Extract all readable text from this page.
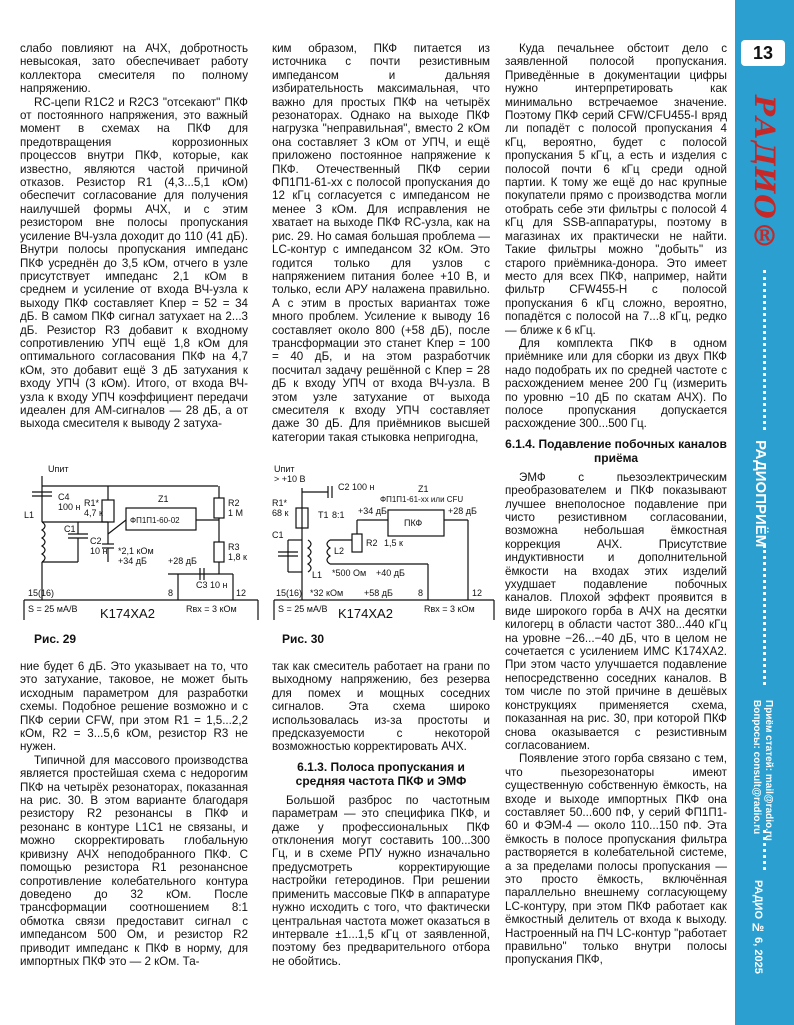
13
РАДИО®
РАДИОПРИЁМ
Приём статей: mail@radio.ru
Вопросы: consult@radio.ru
РАДИО № 6, 2025

слабо повлияют на АЧХ, добротность невысокая, зато обеспечивает работу коллектора смесителя по полному напряжению.

RC-цепи R1C2 и R2C3 "отсекают" ПКФ от постоянного напряжения, это важный момент в схемах на ПКФ для предотвращения коррозионных процессов внутри ПКФ, которые, как известно, являются частой причиной отказов. Резистор R1 (4,3...5,1 кОм) обеспечит согласование для получения наилучшей формы АЧХ, и с этим резистором вне полосы пропускания усиление ВЧ-узла доходит до 110 (41 дБ). Внутри полосы пропускания импеданс ПКФ усреднён до 3,5 кОм, отчего в узле присутствует импеданс 2,1 кОм в среднем и усиление от входа ВЧ-узла к выходу ПКФ составляет Kпер = 52 = 34 дБ. В самом ПКФ сигнал затухает на 2...3 дБ. Резистор R3 добавит к входному сопротивлению УПЧ ещё 1,8 кОм для оптимального согласования ПКФ на 4,7 кОм, это добавит ещё 3 дБ затухания к входу УПЧ (3 кОм). Итого, от входа ВЧ-узла к входу УПЧ коэффициент передачи идеален для AM-сигналов — 28 дБ, а от выхода смесителя к выводу 2 затуха-

ким образом, ПКФ питается из источника с почти резистивным импедансом и дальняя избирательность максимальная, что важно для простых ПКФ на четырёх резонаторах. Однако на выходе ПКФ нагрузка "неправильная", вместо 2 кОм она составляет 3 кОм от УПЧ, и ещё приложено постоянное напряжение к ПКФ. Отечественный ПКФ серии ФП1П1-61-хх с полосой пропускания до 12 кГц согласуется с импедансом не менее 3 кОм. Для исправления не хватает на выходе ПКФ RC-узла, как на рис. 29. Но самая большая проблема — LC-контур с импедансом 32 кОм. Это годится только для узлов с напряжением питания более +10 В, и только, если АРУ налажена правильно. А с этим в простых вариантах тоже много проблем. Усиление к выводу 16 составляет около 800 (+58 дБ), после трансформации это станет Kпер = 100 = 40 дБ, и на этом разработчик посчитал задачу решённой с Kпер = 28 дБ к входу УПЧ от входа ВЧ-узла. В этом узле затухание от выхода смесителя к входу УПЧ составляет даже 30 дБ. Для приёмников высшей категории такая стыковка непригодна,

Куда печальнее обстоит дело с заявленной полосой пропускания. Приведённые в документации цифры нужно интерпретировать как минимально встречаемое значение. Поэтому ПКФ серий CFW/CFU455-I вряд ли попадёт с полосой пропускания 4 кГц, вероятно, будет с полосой пропускания 5 кГц, а есть и изделия с полосой почти 6 кГц среди одной партии. К тому же ещё до нас крупные покупатели прямо с производства могли отобрать себе эти фильтры с полосой 4 кГц для SSB-аппаратуры, поэтому в магазинах их практически не найти. Такие фильтры можно "добыть" из старого приёмника-донора. Это имеет место для всех ПКФ, например, найти фильтр CFW455-H с полосой пропускания 6 кГц сложно, вероятно, попадётся с полосой на 7...8 кГц, редко — ближе к 6 кГц.

Для комплекта ПКФ в одном приёмнике или для сборки из двух ПКФ надо подобрать их по средней частоте с расхождением менее 200 Гц (измерить по уровню −10 дБ по скатам АЧХ). По полосе пропускания допускается расхождение 300...500 Гц.

6.1.4. Подавление побочных каналов приёма

ЭМФ с пьезоэлектрическим преобразователем и ПКФ показывают лучшее внеполосное подавление при чисто резистивном согласовании, возможна небольшая ёмкостная коррекция АЧХ. Присутствие индуктивности и дополнительной ёмкости на входах этих изделий ухудшает подавление побочных каналов. Плохой эффект проявится в виде широкого горба в АЧХ на десятки килогерц в области частот 380...440 кГц на уровне −26...−40 дБ, что в целом не сочетается с усилением ИМС K174XA2. При этом часто улучшается подавление непосредственно соседних каналов. В том числе по этой причине в дешёвых конструкциях применяется схема, показанная на рис. 30, при которой ПКФ снова оказывается с резистивным согласованием.

Появление этого горба связано с тем, что пьезорезонаторы имеют существенную собственную ёмкость, на входе и выходе импортных ПКФ она составляет 50...600 пФ, у серий ФП1П1-60 и ФЭМ-4 — около 110...150 пФ. Эта ёмкость в полосе пропускания фильтра растворяется в колебательной системе, а за пределами полосы пропускания — это просто ёмкость, включённая параллельно внешнему согласующему LC-контуру, при этом ПКФ работает как ёмкостный делитель от входа к выходу. Настроенный на ПЧ LC-контур "работает правильно" только внутри полосы пропускания ПКФ,

Uпит
C4
100 н R1*
4,7 к
Z1	R2
1 М
L1
C1
C2
10 н	R3
1,8 к
*2,1 кОм
+34 дБ +28 дБ
C3 10 н
15(16)	8	12
S = 25 мА/В	Rвх = 3 кОм
ФП1П1-60-02
K174XA2
Рис. 29
Uпит
> +10 В
C2 100 н	Z1
ФП1П1-61-хх или CFU
R1*
68 к	T1 8:1 +34 дБ	+28 дБ
C1
L1
L2
R2 1,5 к
*500 Ом +40 дБ
15(16) *32 кОм +58 дБ	8	12
S = 25 мА/В	Rвх = 3 кОм
ПКФ
K174XA2
Рис. 30

ние будет 6 дБ. Это указывает на то, что это затухание, таковое, не может быть исходным параметром для разработки схемы. Подобное решение возможно и с ПКФ серии CFW, при этом R1 = 1,5...2,2 кОм, R2 = 3...5,6 кОм, резистор R3 не нужен.

Типичной для массового производства является простейшая схема с недорогим ПКФ на четырёх резонаторах, показанная на рис. 30. В этом варианте благодаря резистору R2 резонансы в ПКФ и резонанс в контуре L1C1 не связаны, и можно скорректировать глобальную кривизну АЧХ неподобранного ПКФ. С помощью резистора R1 резонансное сопротивление колебательного контура доведено до 32 кОм. После трансформации соотношением 8:1 обмотка связи предоставит сигнал с импедансом 500 Ом, и резистор R2 приводит импеданс к ПКФ в норму, для импортных ПКФ это — 2 кОм. Та-

так как смеситель работает на грани по выходному напряжению, без резерва для помех и мощных соседних сигналов. Эта схема широко использовалась из-за простоты и предсказуемости с некоторой возможностью корректировать АЧХ.

6.1.3. Полоса пропускания и средняя частота ПКФ и ЭМФ

Большой разброс по частотным параметрам — это специфика ПКФ, и даже у профессиональных ПКФ отклонения могут составить 100...300 Гц, и в схеме РПУ нужно изначально предусмотреть корректирующие настройки гетеродинов. При решении применить массовые ПКФ в аппаратуре нужно исходить с того, что фактически центральная частота может оказаться в интервале ±1...1,5 кГц от заявленной, поэтому без предварительного отбора не обойтись.
